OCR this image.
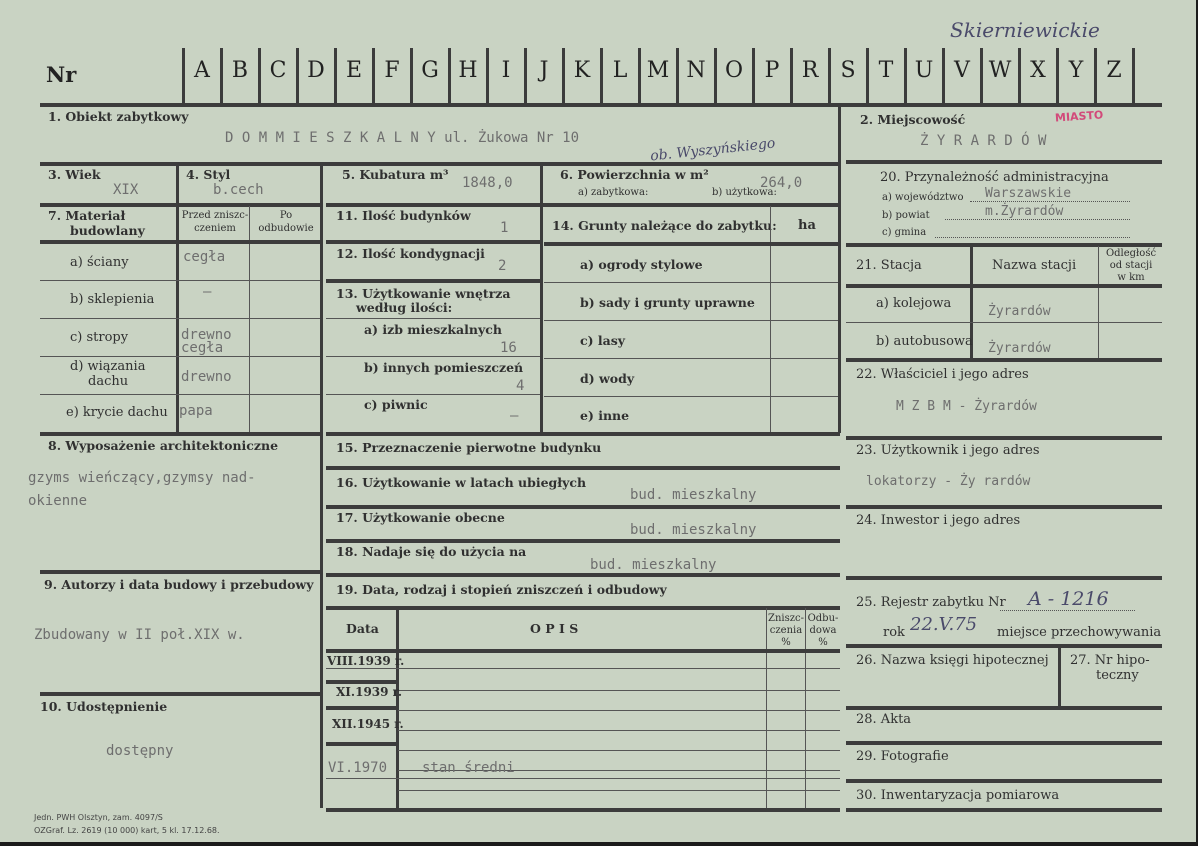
Nr	A B C D E	F G H	I	J	K	L M N O P	R	S	T U V W X	Y	Z
Skierniewickie
1. Obiekt zabytkowy
D O M M I E S Z K A L N Y ul. Żukowa Nr 10	ob. Wyszyńskiego
2. Miejscowość
Ż Y R A R D Ó W
MIASTO
3. Wiek
XIX
4. Styl
b.cech
5. Kubatura m³
1848,0
6. Powierzchnia w m²
a) zabytkowa:	b) użytkowa:
264,0
7. Materiał
budowlany
Przed zniszc-
czeniem
Po
odbudowie
a) ściany	cegła
b) sklepienia	–
c) stropy	drewno
cegła
d) wiązania
dachu	drewno
e) krycie dachu papa
11. Ilość budynków
1
12. Ilość kondygnacji
2
13. Użytkowanie wnętrza
według ilości:
a) izb mieszkalnych
16
b) innych pomieszczeń
4
c) piwnic
–
14. Grunty należące do zabytku: ha
a) ogrody stylowe
b) sady i grunty uprawne
c) lasy
d) wody
e) inne
8. Wyposażenie architektoniczne
gzyms wieńczący,gzymsy nad-
okienne
9. Autorzy i data budowy i przebudowy
Zbudowany w II poł.XIX w.
10. Udostępnienie
dostępny
15. Przeznaczenie pierwotne budynku
16. Użytkowanie w latach ubiegłych
bud. mieszkalny
17. Użytkowanie obecne
bud. mieszkalny
18. Nadaje się do użycia na
bud. mieszkalny
19. Data, rodzaj i stopień zniszczeń i odbudowy
Data	O P I S
Zniszc-
czenia
%
Odbu-
dowa
%
VIII.1939 r.
XI.1939 r.
XII.1945 r.
VI.1970 stan średni
20. Przynależność administracyjna
a) województwo Warszawskie
b) powiat	m.Żyrardów
c) gmina
21. Stacja	Nazwa stacji
Odległość
od stacji
w km
a) kolejowa
Żyrardów
b) autobusowa Żyrardów
22. Właściciel i jego adres
M Z B M - Żyrardów
23. Użytkownik i jego adres
lokatorzy - Ży rardów
24. Inwestor i jego adres
25. Rejestr zabytku Nr A - 1216
rok 22.V.75 miejsce przechowywania
26. Nazwa księgi hipotecznej 27. Nr hipo-
teczny
28. Akta
29. Fotografie
30. Inwentaryzacja pomiarowa
Jedn. PWH Olsztyn, zam. 4097/S
OZGraf. Lz. 2619 (10 000) kart, 5 kl. 17.12.68.
